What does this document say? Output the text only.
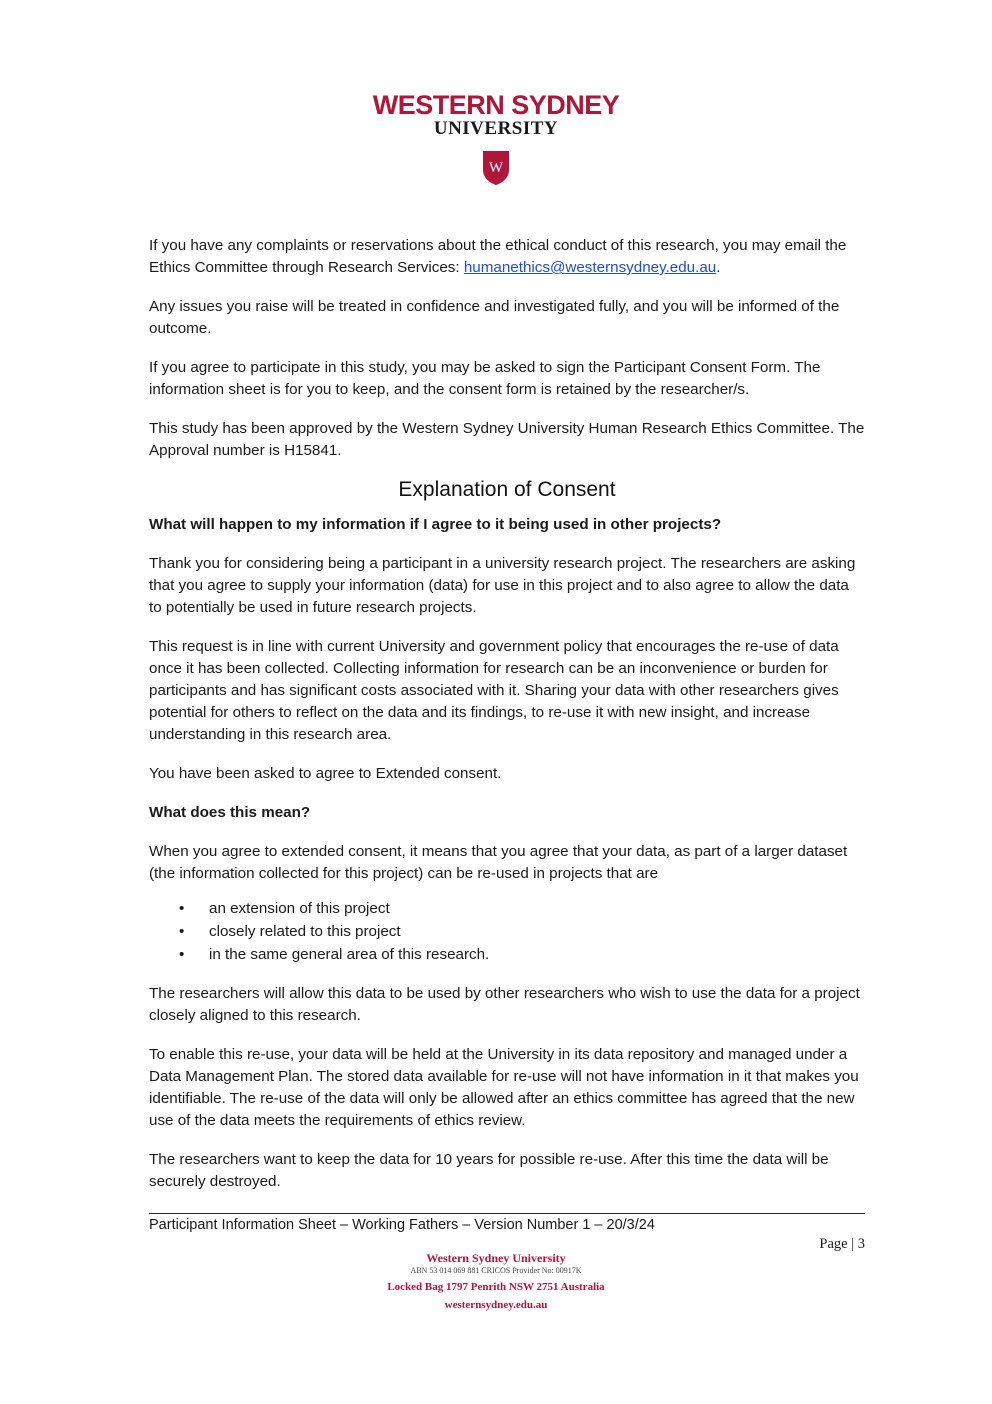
WESTERN SYDNEY
UNIVERSITY
W

If you have any complaints or reservations about the ethical conduct of this research, you may email the Ethics Committee through Research Services: humanethics@westernsydney.edu.au.

Any issues you raise will be treated in confidence and investigated fully, and you will be informed of the outcome.

If you agree to participate in this study, you may be asked to sign the Participant Consent Form. The information sheet is for you to keep, and the consent form is retained by the researcher/s.

This study has been approved by the Western Sydney University Human Research Ethics Committee. The Approval number is H15841.

Explanation of Consent

What will happen to my information if I agree to it being used in other projects?

Thank you for considering being a participant in a university research project. The researchers are asking that you agree to supply your information (data) for use in this project and to also agree to allow the data to potentially be used in future research projects.

This request is in line with current University and government policy that encourages the re-use of data once it has been collected. Collecting information for research can be an inconvenience or burden for participants and has significant costs associated with it. Sharing your data with other researchers gives potential for others to reflect on the data and its findings, to re-use it with new insight, and increase understanding in this research area.

You have been asked to agree to Extended consent.

What does this mean?

When you agree to extended consent, it means that you agree that your data, as part of a larger dataset (the information collected for this project) can be re-used in projects that are

• an extension of this project
• closely related to this project
• in the same general area of this research.

The researchers will allow this data to be used by other researchers who wish to use the data for a project closely aligned to this research.

To enable this re-use, your data will be held at the University in its data repository and managed under a Data Management Plan. The stored data available for re-use will not have information in it that makes you identifiable. The re-use of the data will only be allowed after an ethics committee has agreed that the new use of the data meets the requirements of ethics review.

The researchers want to keep the data for 10 years for possible re-use. After this time the data will be securely destroyed.

Participant Information Sheet – Working Fathers – Version Number 1 – 20/3/24
Page | 3
Western Sydney University
ABN 53 014 069 881 CRICOS Provider No: 00917K
Locked Bag 1797 Penrith NSW 2751 Australia
westernsydney.edu.au
